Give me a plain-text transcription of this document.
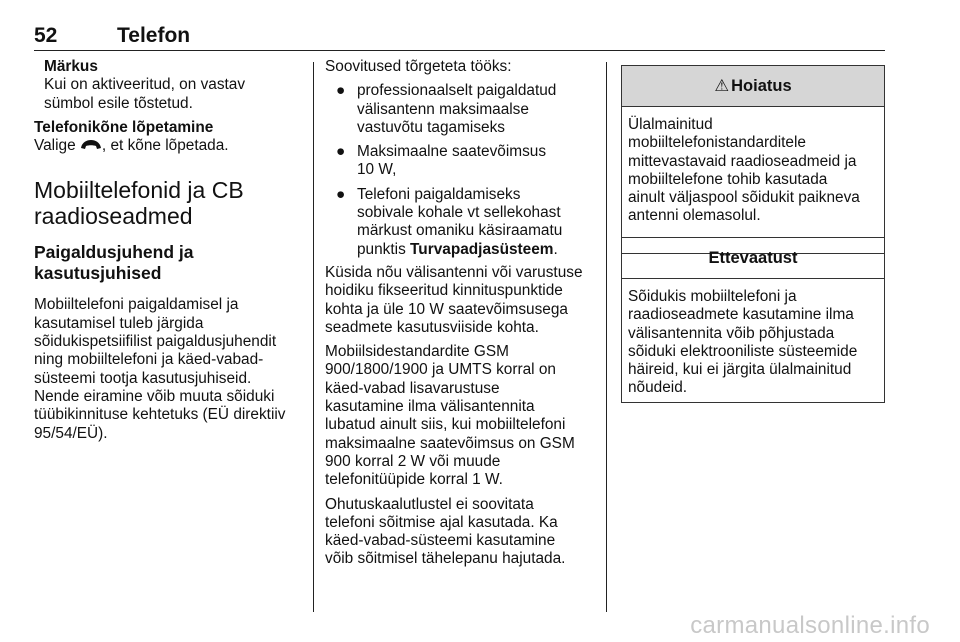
52	Telefon
Märkus
Kui on aktiveeritud, on vastav
sümbol esile tõstetud.
Telefonikõne lõpetamine
Valige , et kõne lõpetada.
Mobiiltelefonid ja CB
raadioseadmed
Paigaldusjuhend ja
kasutusjuhised
Mobiiltelefoni paigaldamisel ja
kasutamisel tuleb järgida
sõidukispetsiifilist paigaldusjuhendit
ning mobiiltelefoni ja käed-vabad-
süsteemi tootja kasutusjuhiseid.
Nende eiramine võib muuta sõiduki
tüübikinnituse kehtetuks (EÜ direktiiv
95/54/EÜ).
Soovitused tõrgeteta tööks:
● professionaalselt paigaldatud
välisantenn maksimaalse
vastuvõtu tagamiseks
● Maksimaalne saatevõimsus
10 W,
● Telefoni paigaldamiseks
sobivale kohale vt sellekohast
märkust omaniku käsiraamatu
punktis Turvapadjasüsteem.
Küsida nõu välisantenni või varustuse
hoidiku fikseeritud kinnituspunktide
kohta ja üle 10 W saatevõimsusega
seadmete kasutusviiside kohta.
Mobiilsidestandardite GSM
900/1800/1900 ja UMTS korral on
käed-vabad lisavarustuse
kasutamine ilma välisantennita
lubatud ainult siis, kui mobiiltelefoni
maksimaalne saatevõimsus on GSM
900 korral 2 W või muude
telefonitüüpide korral 1 W.
Ohutuskaalutlustel ei soovitata
telefoni sõitmise ajal kasutada. Ka
käed-vabad-süsteemi kasutamine
võib sõitmisel tähelepanu hajutada.
⚠ Hoiatus
Ülalmainitud
mobiiltelefonistandarditele
mittevastavaid raadioseadmeid ja
mobiiltelefone tohib kasutada
ainult väljaspool sõidukit paikneva
antenni olemasolul.
Ettevaatust
Sõidukis mobiiltelefoni ja
raadioseadmete kasutamine ilma
välisantennita võib põhjustada
sõiduki elektrooniliste süsteemide
häireid, kui ei järgita ülalmainitud
nõudeid.
carmanualsonline.info
